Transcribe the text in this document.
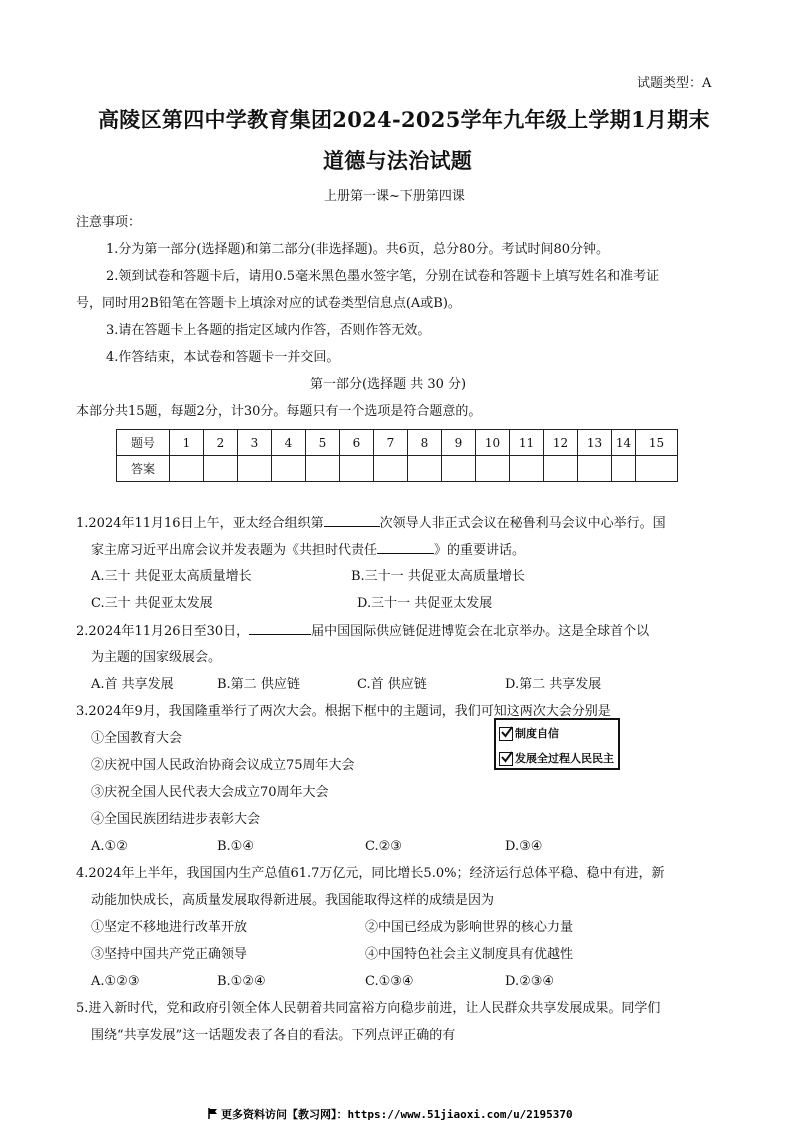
试题类型：A
高陵区第四中学教育集团2024-2025学年九年级上学期1月期末
道德与法治试题
上册第一课~下册第四课
注意事项：
1.分为第一部分(选择题)和第二部分(非选择题)。共6页，总分80分。考试时间80分钟。
2.领到试卷和答题卡后，请用0.5毫米黑色墨水签字笔，分别在试卷和答题卡上填写姓名和准考证
号，同时用2B铅笔在答题卡上填涂对应的试卷类型信息点(A或B)。
3.请在答题卡上各题的指定区域内作答，否则作答无效。
4.作答结束，本试卷和答题卡一并交回。
第一部分(选择题 共 30 分)
本部分共15题，每题2分，计30分。每题只有一个选项是符合题意的。
题号	1	2	3	4	5	6	7	8	9	10	11	12	13	14	15
答案															
1.2024年11月16日上午，亚太经合组织第	次领导人非正式会议在秘鲁利马会议中心举行。国
家主席习近平出席会议并发表题为《共担时代责任	》的重要讲话。
A.三十 共促亚太高质量增长	B.三十一 共促亚太高质量增长
C.三十 共促亚太发展	D.三十一 共促亚太发展
2.2024年11月26日至30日，	届中国国际供应链促进博览会在北京举办。这是全球首个以
为主题的国家级展会。
A.首 共享发展	B.第二 供应链	C.首 供应链	D.第二 共享发展
3.2024年9月，我国隆重举行了两次大会。根据下框中的主题词，我们可知这两次大会分别是
①全国教育大会
②庆祝中国人民政治协商会议成立75周年大会
③庆祝全国人民代表大会成立70周年大会
④全国民族团结进步表彰大会
制度自信
发展全过程人民民主
A.①②	B.①④	C.②③	D.③④
4.2024年上半年，我国国内生产总值61.7万亿元，同比增长5.0%；经济运行总体平稳、稳中有进，新
动能加快成长，高质量发展取得新进展。我国能取得这样的成绩是因为
①坚定不移地进行改革开放	②中国已经成为影响世界的核心力量
③坚持中国共产党正确领导	④中国特色社会主义制度具有优越性
A.①②③	B.①②④	C.①③④	D.②③④
5.进入新时代，党和政府引领全体人民朝着共同富裕方向稳步前进，让人民群众共享发展成果。同学们
围绕“共享发展”这一话题发表了各自的看法。下列点评正确的有
更多资料访问【教习网】：https://www.51jiaoxi.com/u/2195370
